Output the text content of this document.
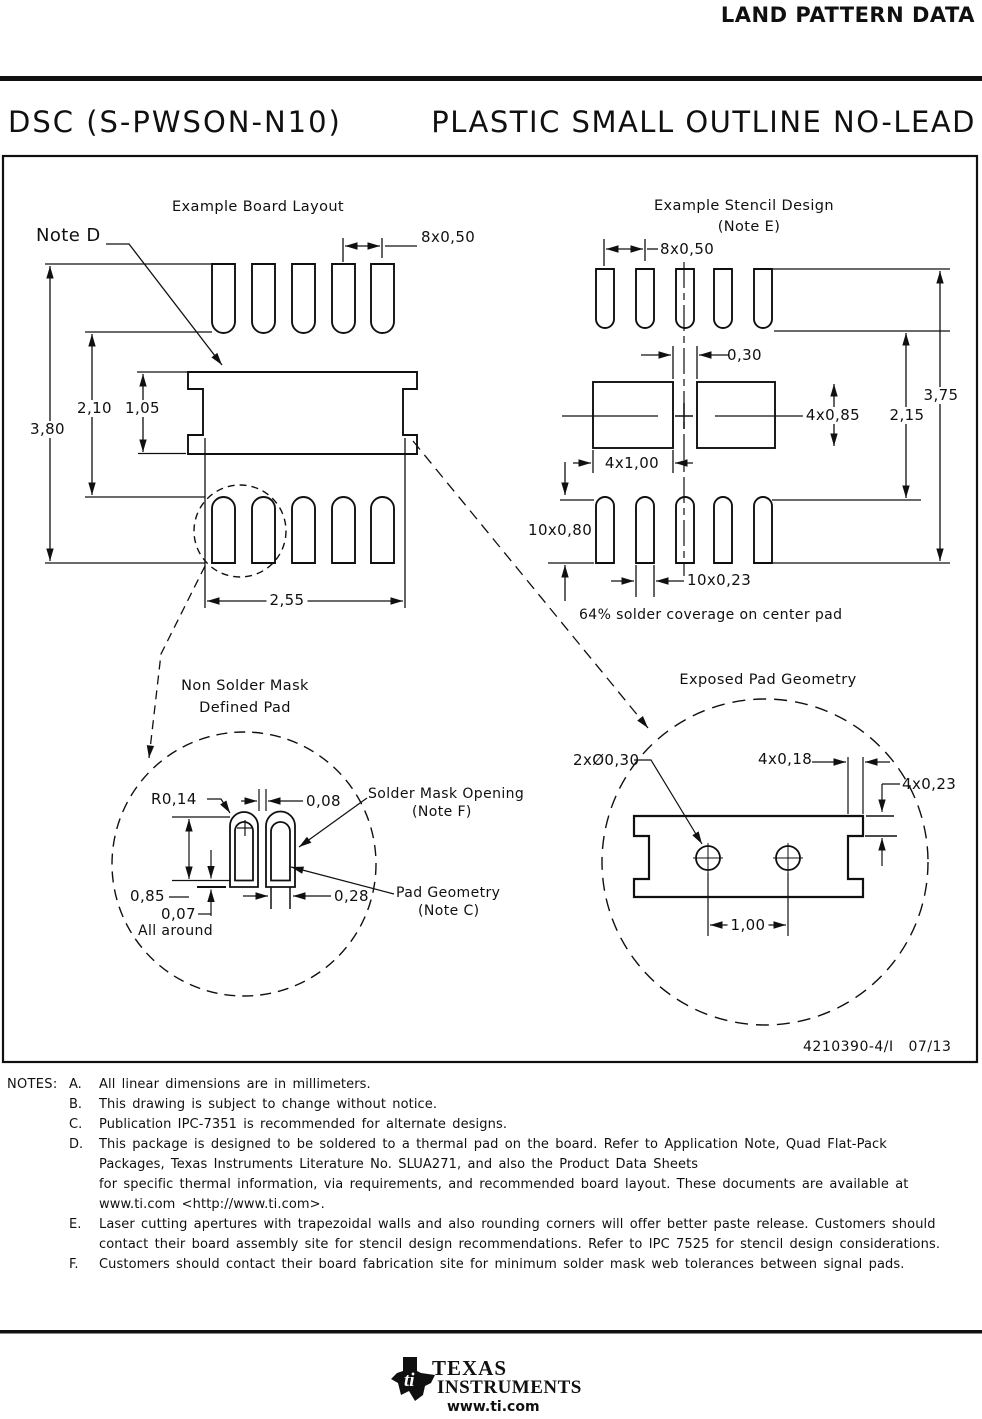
ti
LAND PATTERN DATA
DSC (S-PWSON-N10)	PLASTIC SMALL OUTLINE NO-LEAD
Example Board Layout
Note D	8x0,50
3,80
2,10 1,05
2,55
Example Stencil Design
(Note E)
8x0,50
0,30
4x0,85 2,15
3,75
4x1,00
10x0,80
10x0,23
64% solder coverage on center pad
Non Solder Mask
Defined Pad
R0,14	0,08 Solder Mask Opening
(Note F)
0,85
0,07
All around
0,28 Pad Geometry
(Note C)
Exposed Pad Geometry
2xØ0,30	4x0,18
4x0,23
1,00
4210390-4/I   07/13
NOTES: A. All linear dimensions are in millimeters.
B. This drawing is subject to change without notice.
C. Publication IPC-7351 is recommended for alternate designs.
D. This package is designed to be soldered to a thermal pad on the board. Refer to Application Note, Quad Flat-Pack
Packages, Texas Instruments Literature No. SLUA271, and also the Product Data Sheets
for specific thermal information, via requirements, and recommended board layout. These documents are available at
www.ti.com <http://www.ti.com>.
E. Laser cutting apertures with trapezoidal walls and also rounding corners will offer better paste release. Customers should
contact their board assembly site for stencil design recommendations. Refer to IPC 7525 for stencil design considerations.
F. Customers should contact their board fabrication site for minimum solder mask web tolerances between signal pads.
TEXAS
INSTRUMENTS
www.ti.com
